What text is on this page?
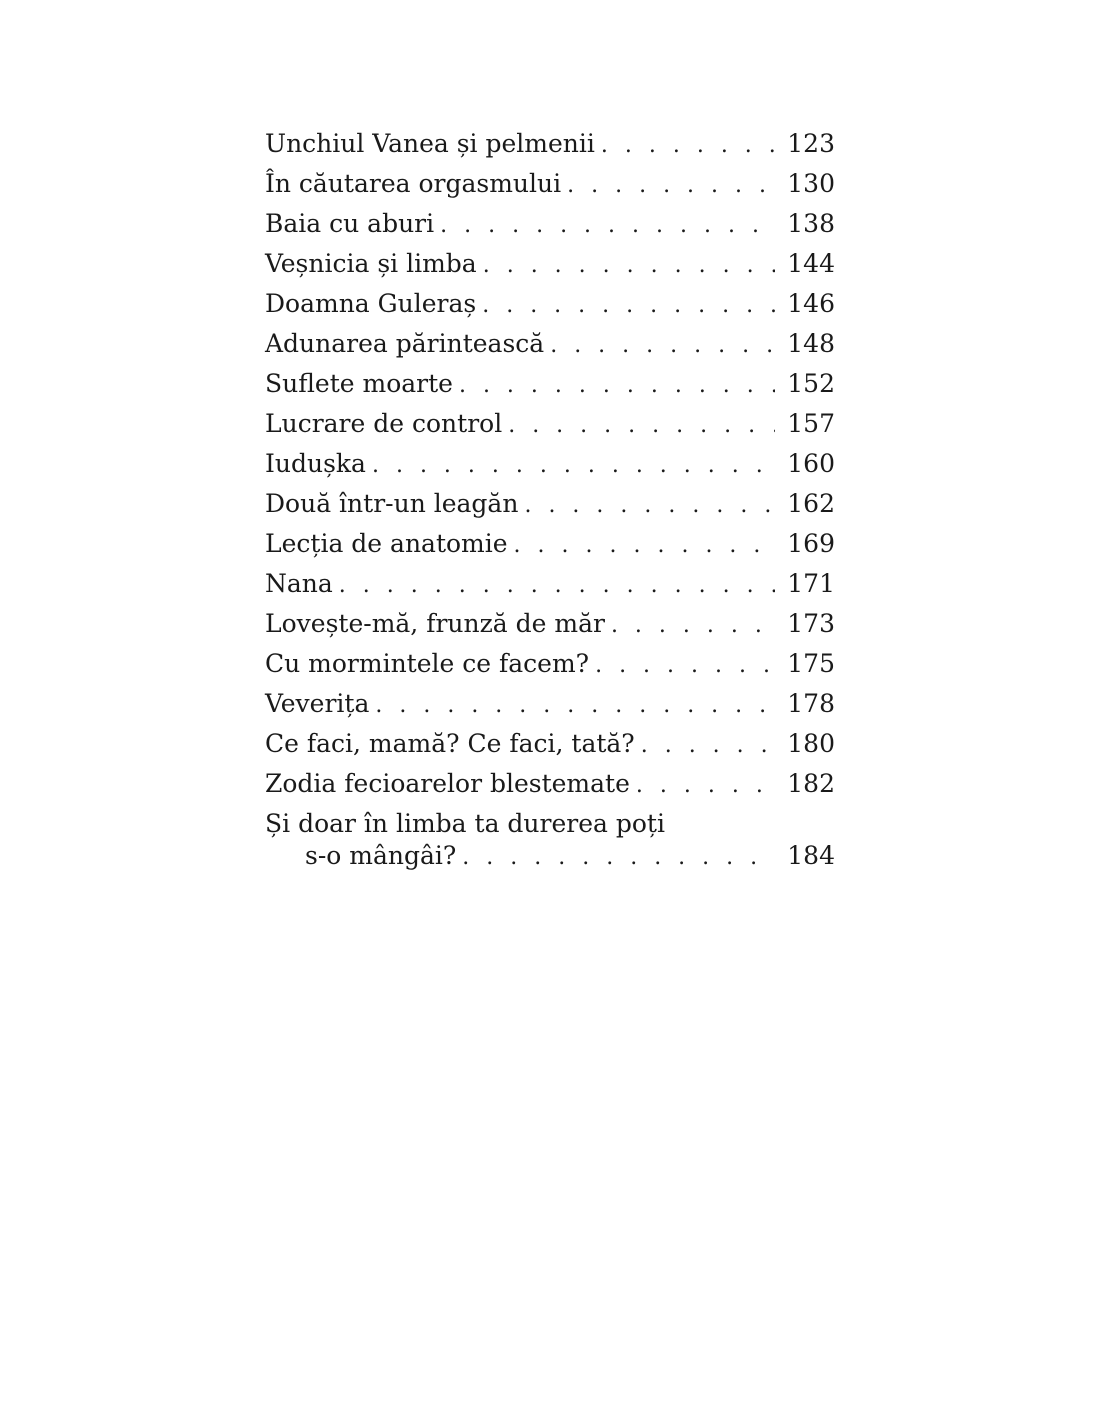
Unchiul Vanea și pelmenii . . .	123
În căutarea orgasmului . . .	130
Baia cu aburi . . .	138
Veșnicia și limba . . .	144
Doamna Guleraș . . .	146
Adunarea părintească . . .	148
Suflete moarte . . .	152
Lucrare de control . . .	157
Iudușka . . .	160
Două într-un leagăn . . .	162
Lecția de anatomie . . .	169
Nana . . .	171
Lovește-mă, frunză de măr . . .	173
Cu mormintele ce facem? . . .	175
Veverița . . .	178
Ce faci, mamă? Ce faci, tată? . . .	180
Zodia fecioarelor blestemate . . .	182
Și doar în limba ta durerea poți
s-o mângâi? . . .	184
